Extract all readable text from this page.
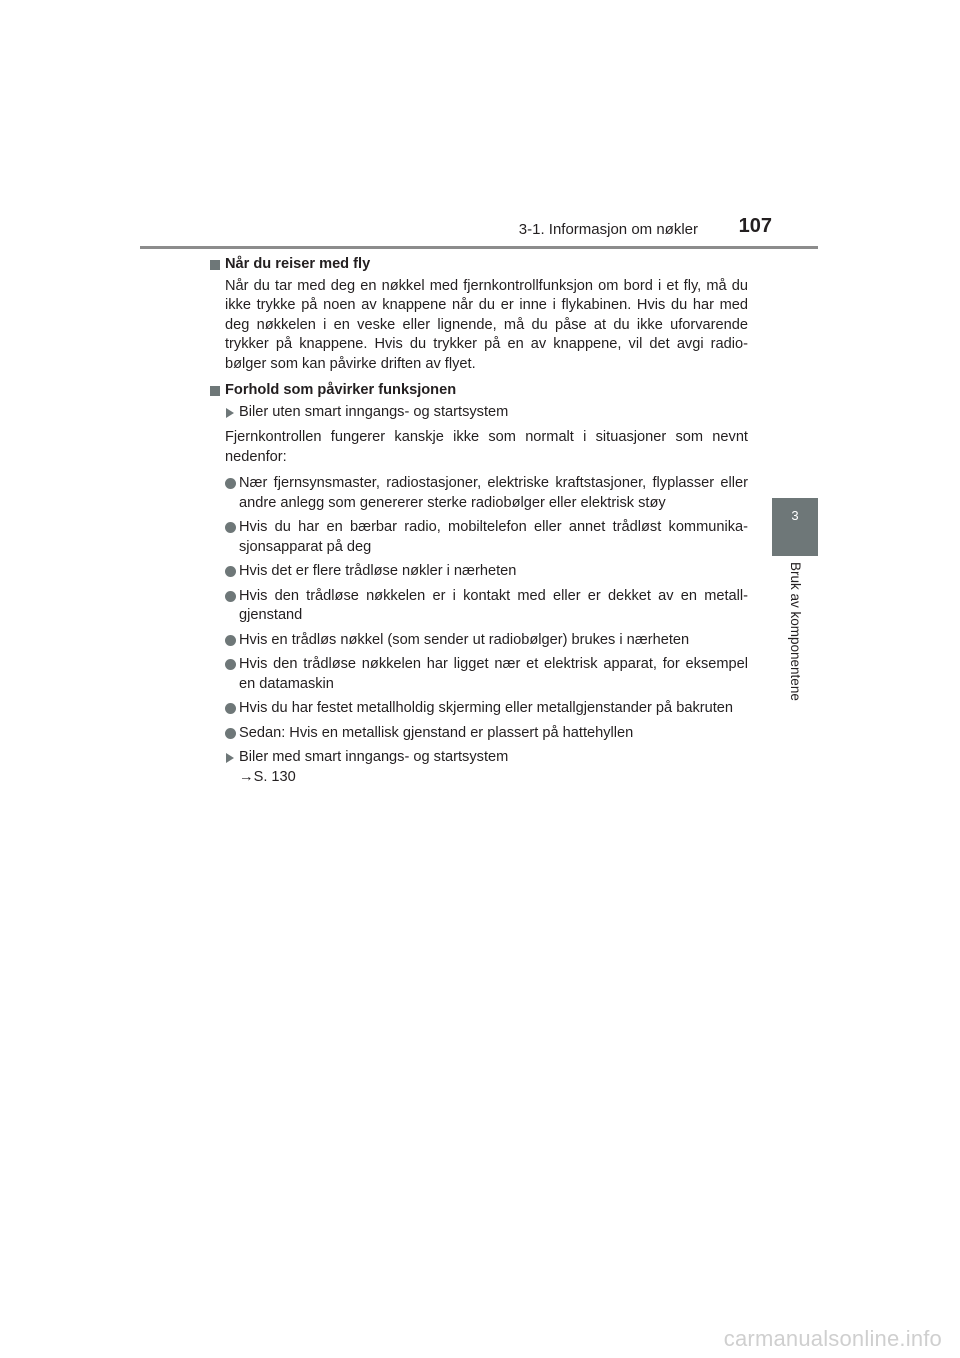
3-1. Informasjon om nøkler 107
3
Bruk av komponentene
Når du reiser med fly

Når du tar med deg en nøkkel med fjernkontrollfunksjon om bord i et fly, må du ikke trykke på noen av knappene når du er inne i flykabinen. Hvis du har med deg nøkkelen i en veske eller lignende, må du påse at du ikke uforvarende trykker på knappene. Hvis du trykker på en av knappene, vil det avgi radio-bølger som kan påvirke driften av flyet.

Forhold som påvirker funksjonen
Biler uten smart inngangs- og startsystem

Fjernkontrollen fungerer kanskje ikke som normalt i situasjoner som nevnt nedenfor:

Nær fjernsynsmaster, radiostasjoner, elektriske kraftstasjoner, flyplasser eller andre anlegg som genererer sterke radiobølger eller elektrisk støy
Hvis du har en bærbar radio, mobiltelefon eller annet trådløst kommunika-sjonsapparat på deg
Hvis det er flere trådløse nøkler i nærheten
Hvis den trådløse nøkkelen er i kontakt med eller er dekket av en metall-gjenstand
Hvis en trådløs nøkkel (som sender ut radiobølger) brukes i nærheten
Hvis den trådløse nøkkelen har ligget nær et elektrisk apparat, for eksempel en datamaskin
Hvis du har festet metallholdig skjerming eller metallgjenstander på bakruten
Sedan: Hvis en metallisk gjenstand er plassert på hattehyllen
Biler med smart inngangs- og startsystem
→S. 130
carmanualsonline.info
